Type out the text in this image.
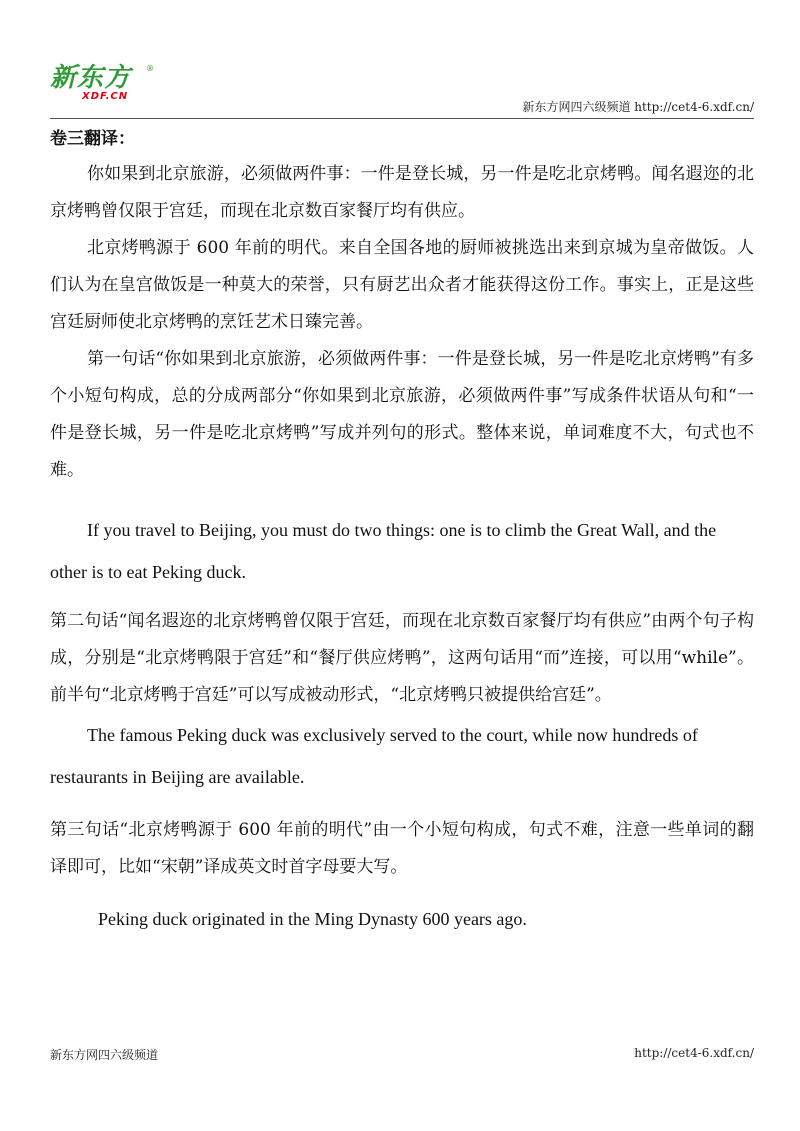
新东方 ®
XDF.CN
新东方网四六级频道 http://cet4-6.xdf.cn/

卷三翻译：

你如果到北京旅游，必须做两件事：一件是登长城，另一件是吃北京烤鸭。闻名遐迩的北京烤鸭曾仅限于宫廷，而现在北京数百家餐厅均有供应。

北京烤鸭源于 600 年前的明代。来自全国各地的厨师被挑选出来到京城为皇帝做饭。人们认为在皇宫做饭是一种莫大的荣誉，只有厨艺出众者才能获得这份工作。事实上，正是这些宫廷厨师使北京烤鸭的烹饪艺术日臻完善。

第一句话“你如果到北京旅游，必须做两件事：一件是登长城，另一件是吃北京烤鸭”有多个小短句构成，总的分成两部分“你如果到北京旅游，必须做两件事”写成条件状语从句和“一件是登长城，另一件是吃北京烤鸭”写成并列句的形式。整体来说，单词难度不大，句式也不难。

If you travel to Beijing, you must do two things: one is to climb the Great Wall, and the other is to eat Peking duck.

第二句话“闻名遐迩的北京烤鸭曾仅限于宫廷，而现在北京数百家餐厅均有供应”由两个句子构成，分别是“北京烤鸭限于宫廷”和“餐厅供应烤鸭”，这两句话用“而”连接，可以用“while”。前半句“北京烤鸭于宫廷”可以写成被动形式，“北京烤鸭只被提供给宫廷”。

The famous Peking duck was exclusively served to the court, while now hundreds of restaurants in Beijing are available.

第三句话“北京烤鸭源于 600 年前的明代”由一个小短句构成，句式不难，注意一些单词的翻译即可，比如“宋朝”译成英文时首字母要大写。

Peking duck originated in the Ming Dynasty 600 years ago.

新东方网四六级频道	http://cet4-6.xdf.cn/
